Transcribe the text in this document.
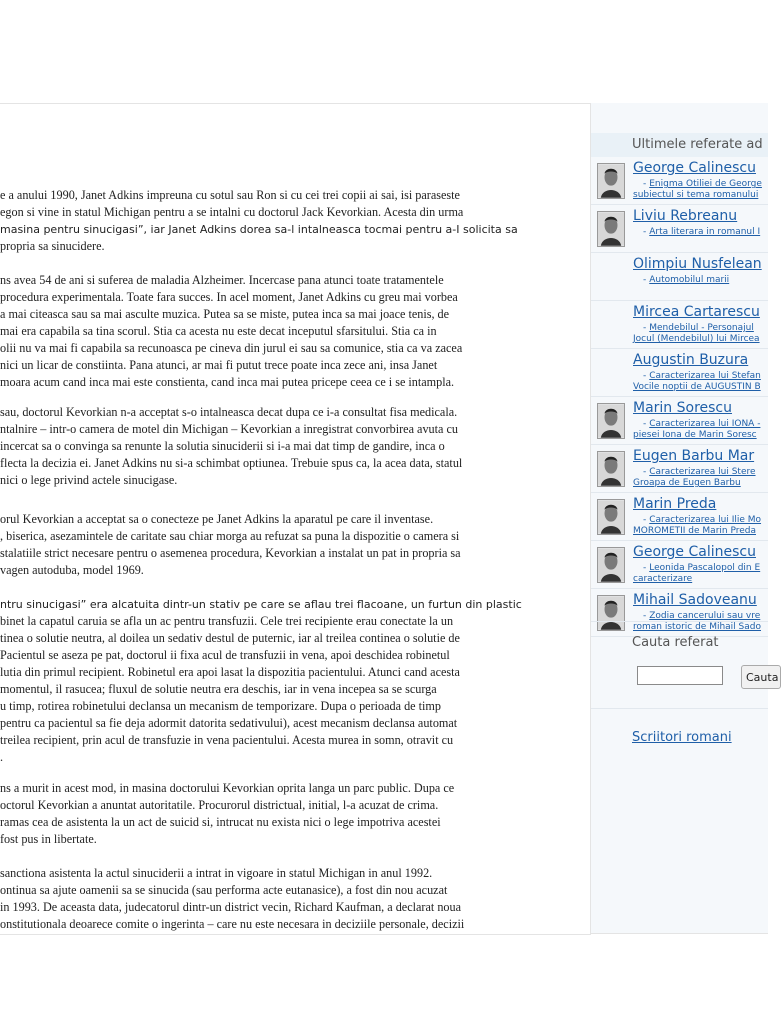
e a anului 1990, Janet Adkins impreuna cu sotul sau Ron si cu cei trei copii ai sai, isi paraseste
egon si vine in statul Michigan pentru a se intalni cu doctorul Jack Kevorkian. Acesta din urma
masina pentru sinucigasi”, iar Janet Adkins dorea sa-l intalneasca tocmai pentru a-I solicita sa
propria sa sinucidere.
ns avea 54 de ani si suferea de maladia Alzheimer. Incercase pana atunci toate tratamentele
procedura experimentala. Toate fara succes. In acel moment, Janet Adkins cu greu mai vorbea
a mai citeasca sau sa mai asculte muzica. Putea sa se miste, putea inca sa mai joace tenis, de
mai era capabila sa tina scorul. Stia ca acesta nu este decat inceputul sfarsitului. Stia ca in
olii nu va mai fi capabila sa recunoasca pe cineva din jurul ei sau sa comunice, stia ca va zacea
nici un licar de constiinta. Pana atunci, ar mai fi putut trece poate inca zece ani, insa Janet
moara acum cand inca mai este constienta, cand inca mai putea pricepe ceea ce i se intampla.
sau, doctorul Kevorkian n-a acceptat s-o intalneasca decat dupa ce i-a consultat fisa medicala.
ntalnire – intr-o camera de motel din Michigan – Kevorkian a inregistrat convorbirea avuta cu
incercat sa o convinga sa renunte la solutia sinuciderii si i-a mai dat timp de gandire, inca o
flecta la decizia ei. Janet Adkins nu si-a schimbat optiunea. Trebuie spus ca, la acea data, statul
nici o lege privind actele sinucigase.
orul Kevorkian a acceptat sa o conecteze pe Janet Adkins la aparatul pe care il inventase.
, biserica, asezamintele de caritate sau chiar morga au refuzat sa puna la dispozitie o camera si
stalatiile strict necesare pentru o asemenea procedura, Kevorkian a instalat un pat in propria sa
vagen autoduba, model 1969.
ntru sinucigasi” era alcatuita dintr-un stativ pe care se aflau trei flacoane, un furtun din plastic
binet la capatul caruia se afla un ac pentru transfuzii. Cele trei recipiente erau conectate la un
tinea o solutie neutra, al doilea un sedativ destul de puternic, iar al treilea continea o solutie de
Pacientul se aseza pe pat, doctorul ii fixa acul de transfuzii in vena, apoi deschidea robinetul
lutia din primul recipient. Robinetul era apoi lasat la dispozitia pacientului. Atunci cand acesta
momentul, il rasucea; fluxul de solutie neutra era deschis, iar in vena incepea sa se scurga
u timp, rotirea robinetului declansa un mecanism de temporizare. Dupa o perioada de timp
pentru ca pacientul sa fie deja adormit datorita sedativului), acest mecanism declansa automat
treilea recipient, prin acul de transfuzie in vena pacientului. Acesta murea in somn, otravit cu
.
ns a murit in acest mod, in masina doctorului Kevorkian oprita langa un parc public. Dupa ce
octorul Kevorkian a anuntat autoritatile. Procurorul districtual, initial, l-a acuzat de crima.
ramas cea de asistenta la un act de suicid si, intrucat nu exista nici o lege impotriva acestei
fost pus in libertate.
sanctiona asistenta la actul sinuciderii a intrat in vigoare in statul Michigan in anul 1992.
ontinua sa ajute oamenii sa se sinucida (sau performa acte eutanasice), a fost din nou acuzat
in 1993. De aceasta data, judecatorul dintr-un district vecin, Richard Kaufman, a declarat noua
onstitutionala deoarece comite o ingerinta – care nu este necesara in deciziile personale, decizii
Ultimele referate ad
George Calinescu
- Enigma Otiliei de George
subiectul si tema romanului
Liviu Rebreanu
- Arta literara in romanul I
Olimpiu Nusfelean
- Automobilul marii
Mircea Cartarescu
- Mendebilul - Personajul
Jocul (Mendebilul) lui Mircea
Augustin Buzura
- Caracterizarea lui Stefan
Vocile noptii de AUGUSTIN B
Marin Sorescu
- Caracterizarea lui IONA -
piesei Iona de Marin Soresc
Eugen Barbu Mar
- Caracterizarea lui Stere
Groapa de Eugen Barbu
Marin Preda
- Caracterizarea lui Ilie Mo
MOROMETII de Marin Preda
George Calinescu
- Leonida Pascalopol din E
caracterizare
Mihail Sadoveanu
- Zodia cancerului sau vre
roman istoric de Mihail Sado
Cauta referat
Cauta
Scriitori romani
